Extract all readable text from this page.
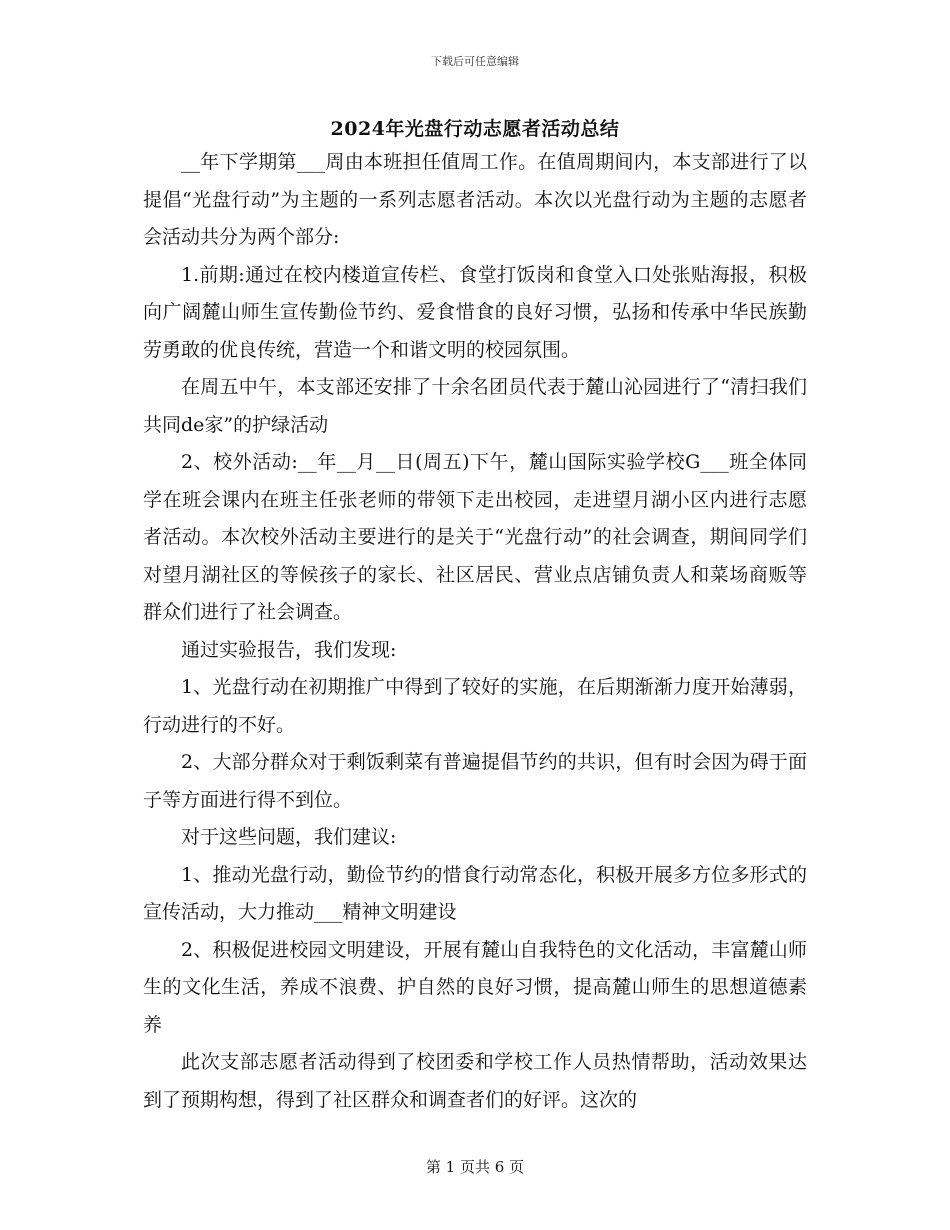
下载后可任意编辑
2024年光盘行动志愿者活动总结

__年下学期第___周由本班担任值周工作。在值周期间内，本支部进行了以提倡“光盘行动”为主题的一系列志愿者活动。本次以光盘行动为主题的志愿者会活动共分为两个部分:

1.前期:通过在校内楼道宣传栏、食堂打饭岗和食堂入口处张贴海报，积极向广阔麓山师生宣传勤俭节约、爱食惜食的良好习惯，弘扬和传承中华民族勤劳勇敢的优良传统，营造一个和谐文明的校园氛围。

在周五中午，本支部还安排了十余名团员代表于麓山沁园进行了“清扫我们共同de家”的护绿活动

2、校外活动:__年__月__日(周五)下午，麓山国际实验学校G___班全体同学在班会课内在班主任张老师的带领下走出校园，走进望月湖小区内进行志愿者活动。本次校外活动主要进行的是关于“光盘行动”的社会调查，期间同学们对望月湖社区的等候孩子的家长、社区居民、营业点店铺负责人和菜场商贩等群众们进行了社会调查。

通过实验报告，我们发现:

1、光盘行动在初期推广中得到了较好的实施，在后期渐渐力度开始薄弱，行动进行的不好。

2、大部分群众对于剩饭剩菜有普遍提倡节约的共识，但有时会因为碍于面子等方面进行得不到位。

对于这些问题，我们建议:

1、推动光盘行动，勤俭节约的惜食行动常态化，积极开展多方位多形式的宣传活动，大力推动___精神文明建设

2、积极促进校园文明建设，开展有麓山自我特色的文化活动，丰富麓山师生的文化生活，养成不浪费、护自然的良好习惯，提高麓山师生的思想道德素养

此次支部志愿者活动得到了校团委和学校工作人员热情帮助，活动效果达到了预期构想，得到了社区群众和调查者们的好评。这次的

第 1 页共 6 页
